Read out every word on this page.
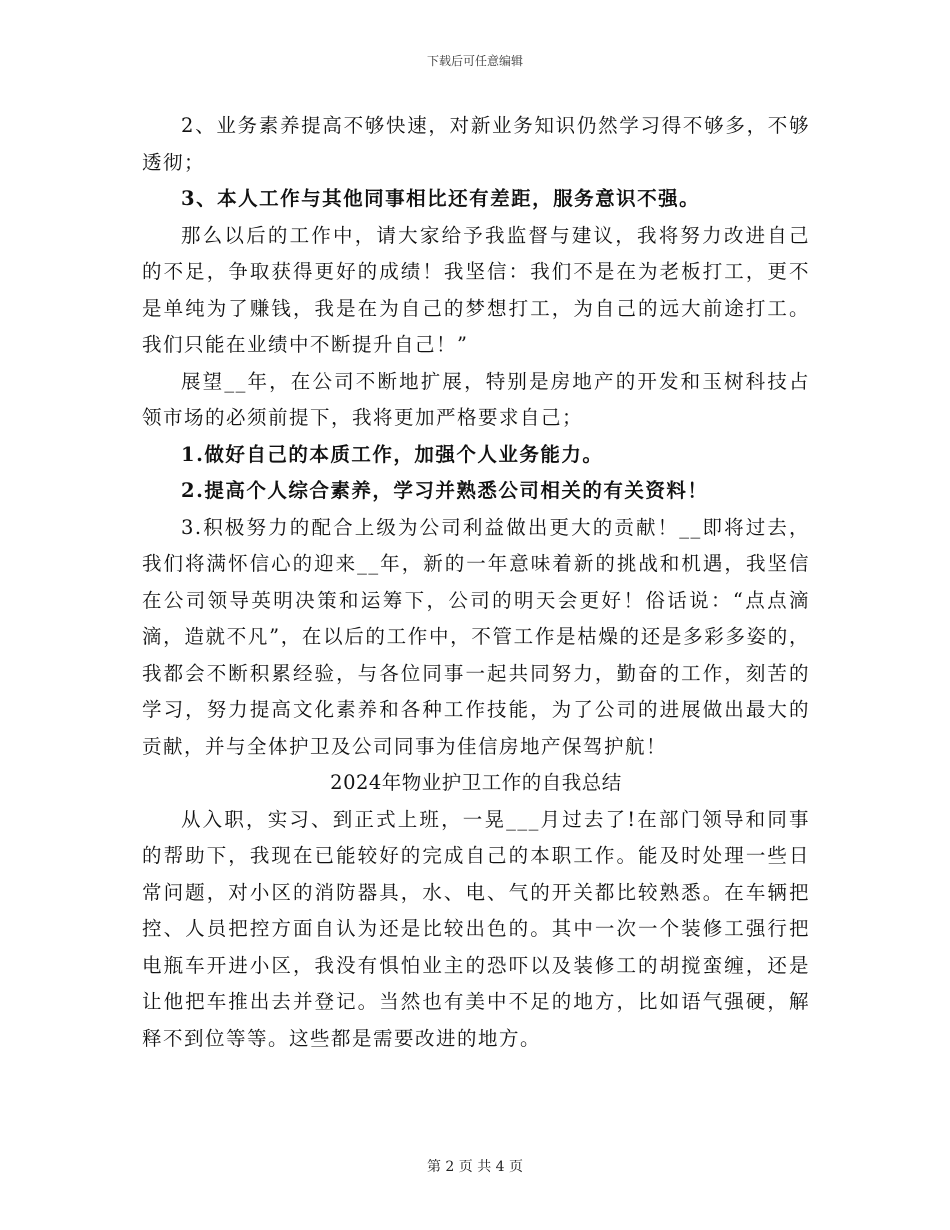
下载后可任意编辑

2、业务素养提高不够快速，对新业务知识仍然学习得不够多，不够透彻；

3、本人工作与其他同事相比还有差距，服务意识不强。

那么以后的工作中，请大家给予我监督与建议，我将努力改进自己的不足，争取获得更好的成绩！我坚信：我们不是在为老板打工，更不是单纯为了赚钱，我是在为自己的梦想打工，为自己的远大前途打工。我们只能在业绩中不断提升自己！”

展望__年，在公司不断地扩展，特别是房地产的开发和玉树科技占领市场的必须前提下，我将更加严格要求自己；

1.做好自己的本质工作，加强个人业务能力。

2.提高个人综合素养，学习并熟悉公司相关的有关资料！

3.积极努力的配合上级为公司利益做出更大的贡献！__即将过去，我们将满怀信心的迎来__年，新的一年意味着新的挑战和机遇，我坚信在公司领导英明决策和运筹下，公司的明天会更好！俗话说：“点点滴滴，造就不凡”，在以后的工作中，不管工作是枯燥的还是多彩多姿的，我都会不断积累经验，与各位同事一起共同努力，勤奋的工作，刻苦的学习，努力提高文化素养和各种工作技能，为了公司的进展做出最大的贡献，并与全体护卫及公司同事为佳信房地产保驾护航！

2024年物业护卫工作的自我总结

从入职，实习、到正式上班，一晃___月过去了!在部门领导和同事的帮助下，我现在已能较好的完成自己的本职工作。能及时处理一些日常问题，对小区的消防器具，水、电、气的开关都比较熟悉。在车辆把控、人员把控方面自认为还是比较出色的。其中一次一个装修工强行把电瓶车开进小区，我没有惧怕业主的恐吓以及装修工的胡搅蛮缠，还是让他把车推出去并登记。当然也有美中不足的地方，比如语气强硬，解释不到位等等。这些都是需要改进的地方。

第 2 页 共 4 页
